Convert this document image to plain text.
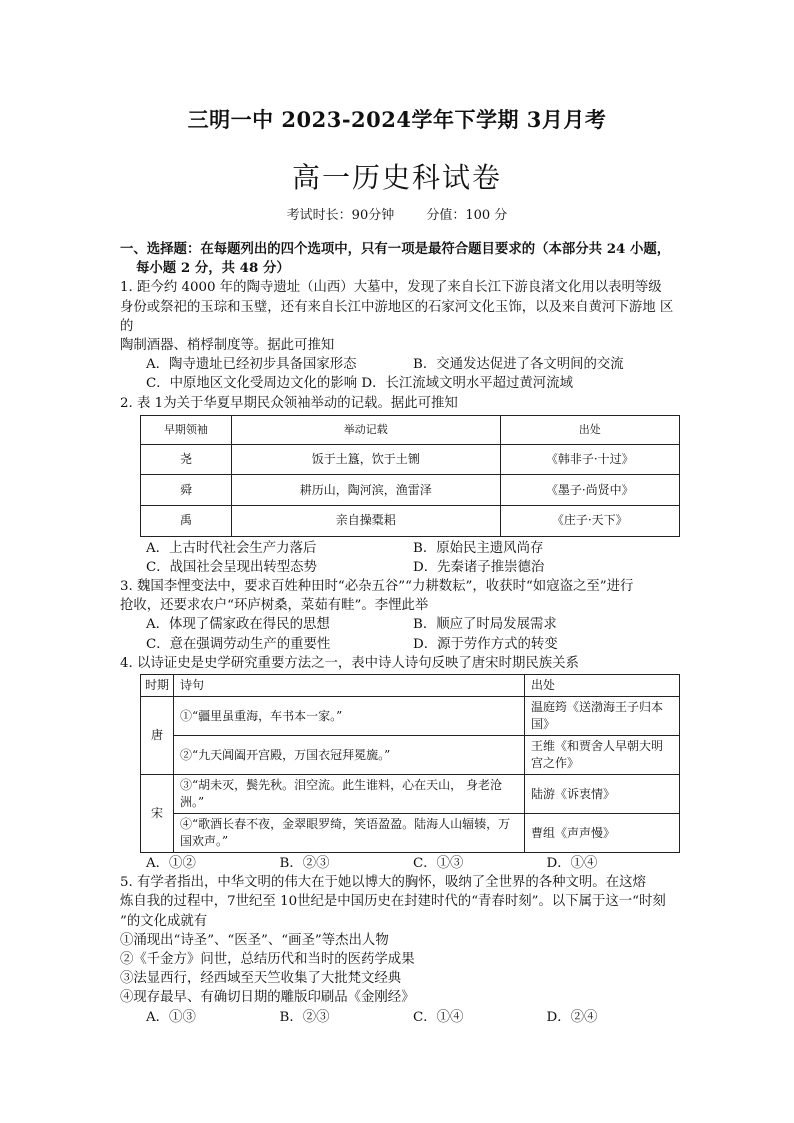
三明一中 2023-2024学年下学期 3月月考
高一历史科试卷
考试时长：90分钟 分值：100 分
一、选择题：在每题列出的四个选项中，只有一项是最符合题目要求的（本部分共 24 小题，
每小题 2 分，共 48 分）
1. 距今约 4000 年的陶寺遗址（山西）大墓中，发现了来自长江下游良渚文化用以表明等级
身份或祭祀的玉琮和玉璧，还有来自长江中游地区的石家河文化玉饰，以及来自黄河下游地 区的
陶制酒器、梢桴制度等。据此可推知
A．陶寺遗址已经初步具备国家形态	B．交通发达促进了各文明间的交流
C．中原地区文化受周边文化的影响 D．长江流域文明水平超过黄河流域
2. 表 1为关于华夏早期民众领袖举动的记载。据此可推知
早期领袖	举动记载	出处
尧	饭于土簋，饮于土铏	《韩非子·十过》
舜	耕历山，陶河滨，渔雷泽	《墨子·尚贤中》
禹	亲自操橐耜	《庄子·天下》
A．上古时代社会生产力落后	B．原始民主遗风尚存
C．战国社会呈现出转型态势	D．先秦诸子推崇德治
3. 魏国李悝变法中，要求百姓种田时“必杂五谷”“力耕数耘”，收获时“如寇盗之至”进行
抢收，还要求农户“环庐树桑，菜茹有畦”。李悝此举
A．体现了儒家政在得民的思想	B．顺应了时局发展需求
C．意在强调劳动生产的重要性	D．源于劳作方式的转变
4. 以诗证史是史学研究重要方法之一，表中诗人诗句反映了唐宋时期民族关系
时期	诗句	出处
唐	①“疆里虽重海，车书本一家。”	温庭筠《送渤海王子归本国》
	②“九天阊阖开宫殿，万国衣冠拜冕旒。”	王维《和贾舍人早朝大明宫之作》
宋	③“胡未灭，鬓先秋。泪空流。此生谁料，心在天山， 身老沧洲。”	陆游《诉衷情》
	④“歌酒长春不夜，金翠眼罗绮，笑语盈盈。陆海人山辐辏，万国欢声。”	曹组《声声慢》
A．①②	B．②③	C．①③	D．①④
5. 有学者指出，中华文明的伟大在于她以博大的胸怀，吸纳了全世界的各种文明。在这熔
炼自我的过程中，7世纪至 10世纪是中国历史在封建时代的“青春时刻”。以下属于这一“时刻
”的文化成就有
①涌现出“诗圣”、“医圣”、“画圣”等杰出人物
②《千金方》问世，总结历代和当时的医药学成果
③法显西行，经西域至天竺收集了大批梵文经典
④现存最早、有确切日期的雕版印刷品《金刚经》
A．①③	B．②③	C．①④	D．②④
